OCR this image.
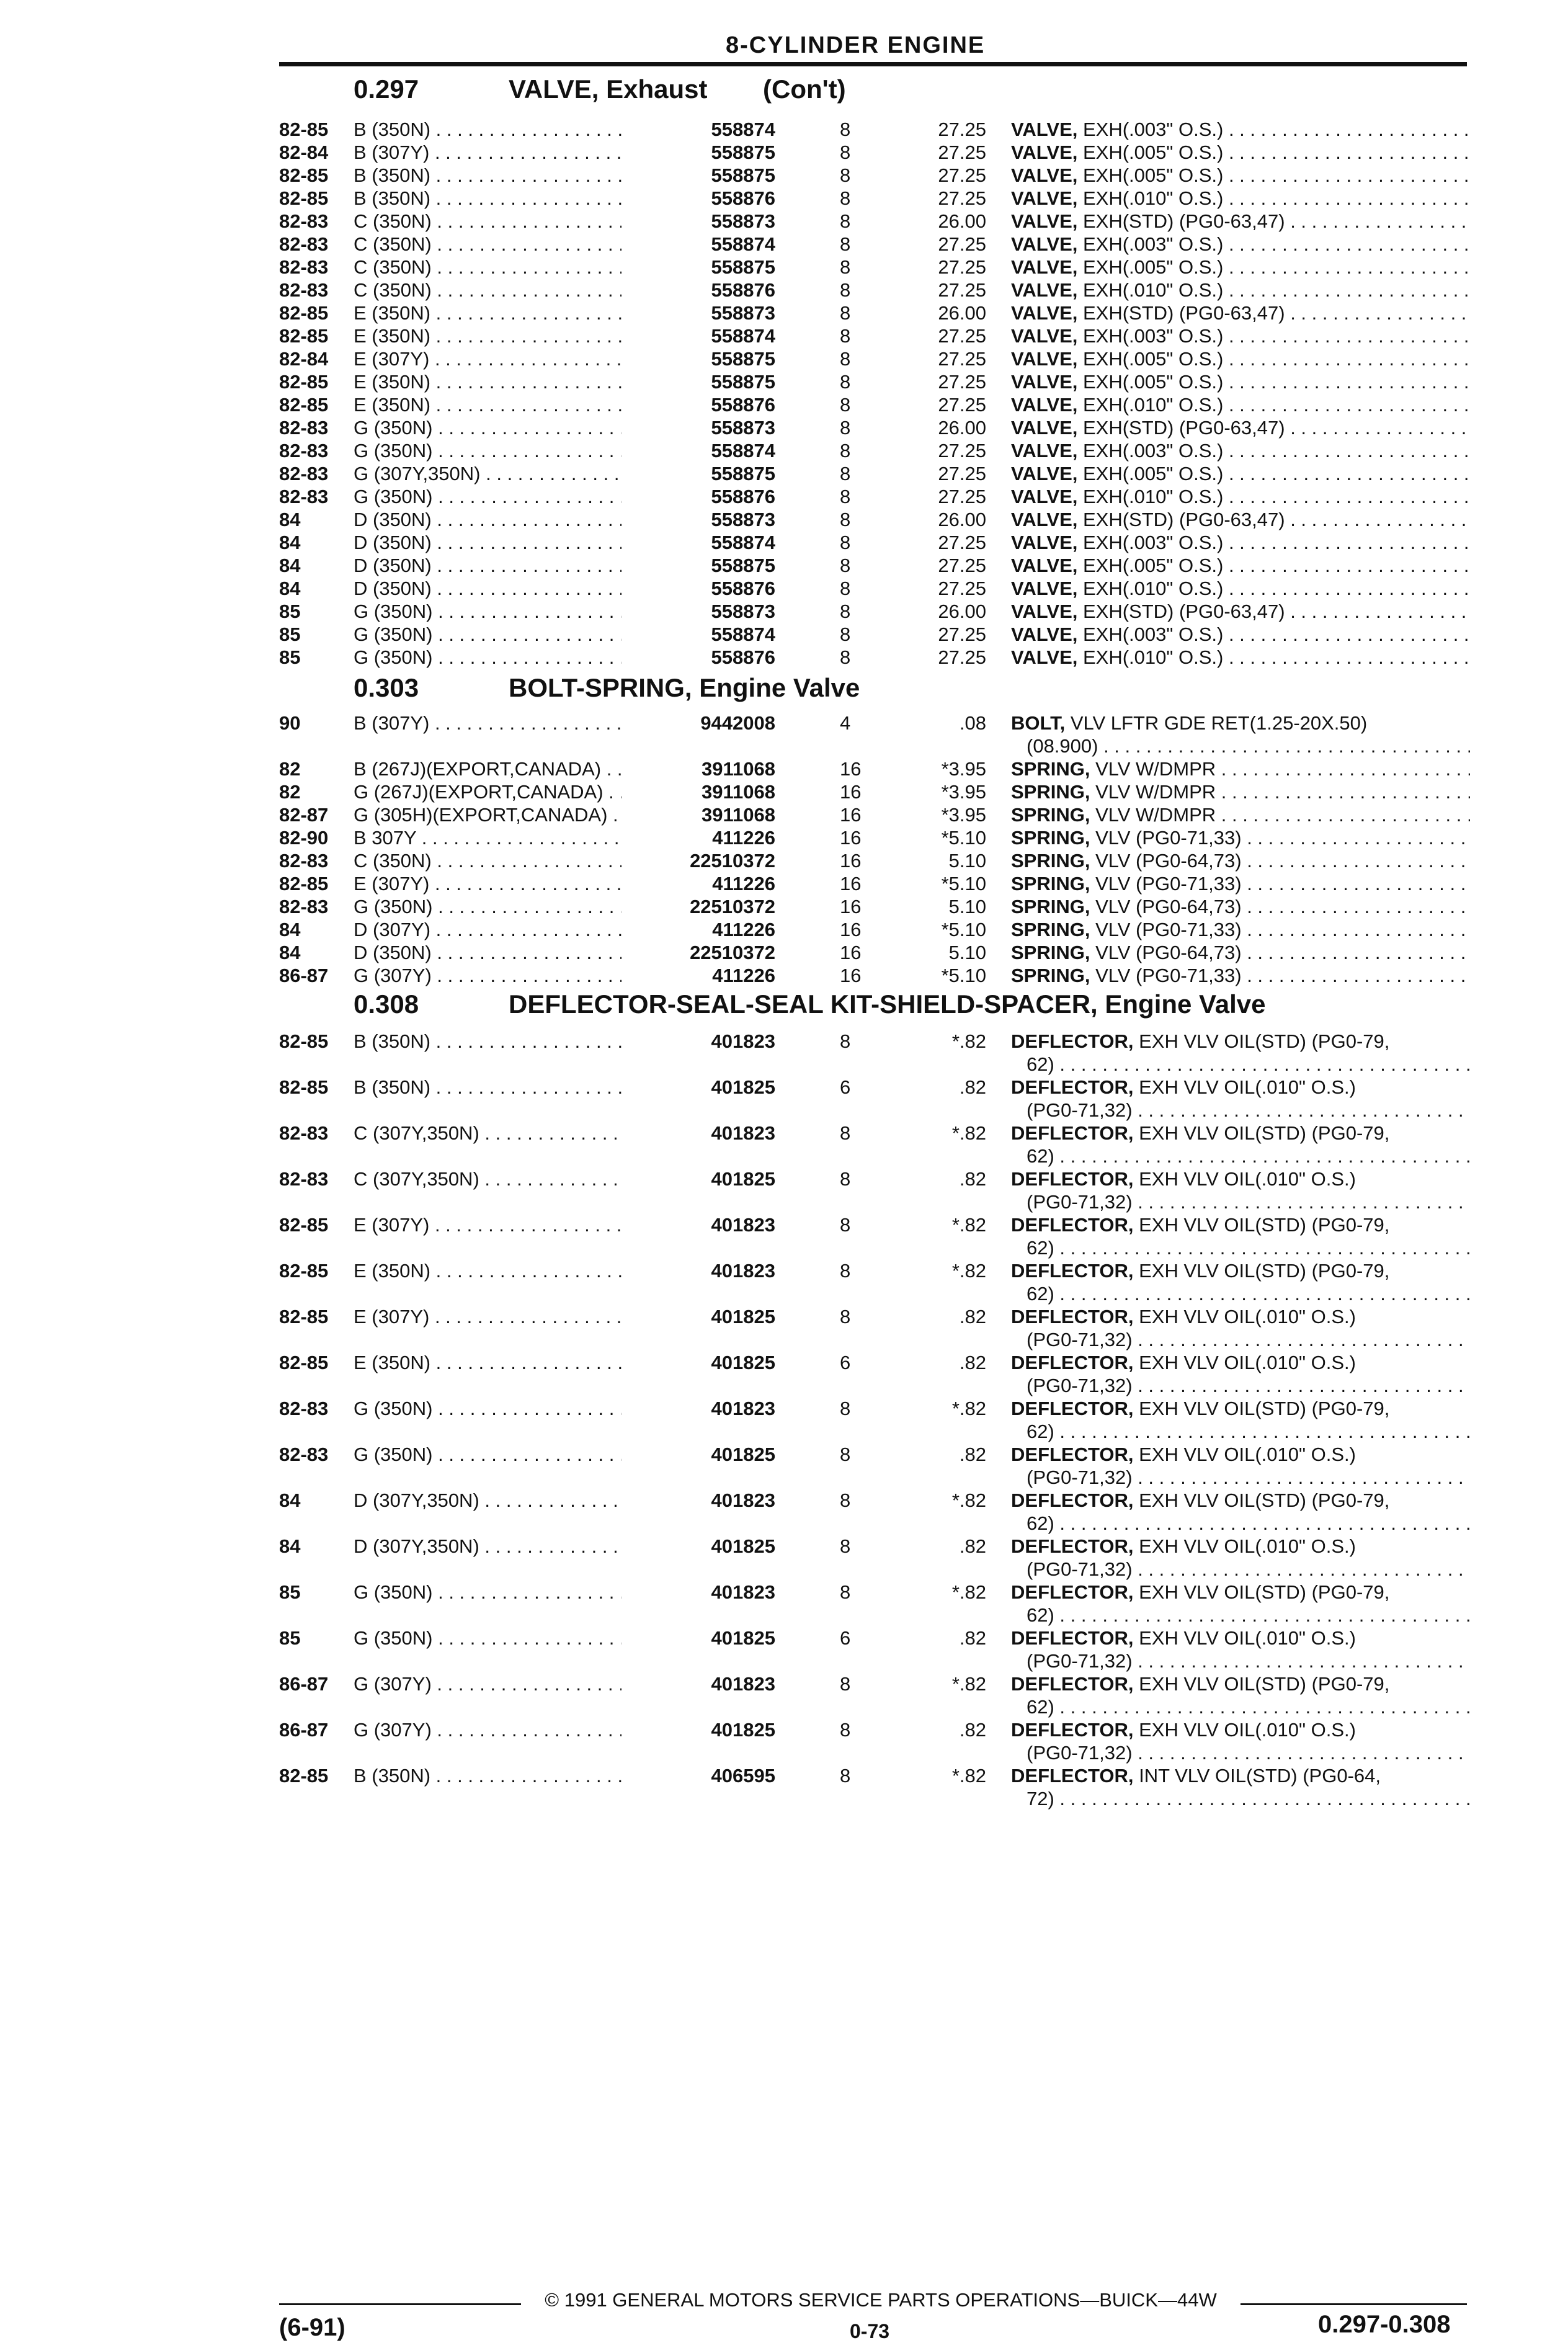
8-CYLINDER ENGINE
0.297	VALVE, Exhaust (Con't)
82-85	B (350N) . . .	558874	8	27.25 VALVE, EXH(.003" O.S.) . . .
82-84	B (307Y) . . .	558875	8	27.25 VALVE, EXH(.005" O.S.) . . .
82-85	B (350N) . . .	558875	8	27.25 VALVE, EXH(.005" O.S.) . . .
82-85	B (350N) . . .	558876	8	27.25 VALVE, EXH(.010" O.S.) . . .
82-83	C (350N) . . .	558873	8	26.00 VALVE, EXH(STD) (PG0-63,47) . . .
82-83	C (350N) . . .	558874	8	27.25 VALVE, EXH(.003" O.S.) . . .
82-83	C (350N) . . .	558875	8	27.25 VALVE, EXH(.005" O.S.) . . .
82-83	C (350N) . . .	558876	8	27.25 VALVE, EXH(.010" O.S.) . . .
82-85	E (350N) . . .	558873	8	26.00 VALVE, EXH(STD) (PG0-63,47) . . .
82-85	E (350N) . . .	558874	8	27.25 VALVE, EXH(.003" O.S.) . . .
82-84	E (307Y) . . .	558875	8	27.25 VALVE, EXH(.005" O.S.) . . .
82-85	E (350N) . . .	558875	8	27.25 VALVE, EXH(.005" O.S.) . . .
82-85	E (350N) . . .	558876	8	27.25 VALVE, EXH(.010" O.S.) . . .
82-83	G (350N) . . .	558873	8	26.00 VALVE, EXH(STD) (PG0-63,47) . . .
82-83	G (350N) . . .	558874	8	27.25 VALVE, EXH(.003" O.S.) . . .
82-83	G (307Y,350N) . . .	558875	8	27.25 VALVE, EXH(.005" O.S.) . . .
82-83	G (350N) . . .	558876	8	27.25 VALVE, EXH(.010" O.S.) . . .
84	D (350N) . . .	558873	8	26.00 VALVE, EXH(STD) (PG0-63,47) . . .
84	D (350N) . . .	558874	8	27.25 VALVE, EXH(.003" O.S.) . . .
84	D (350N) . . .	558875	8	27.25 VALVE, EXH(.005" O.S.) . . .
84	D (350N) . . .	558876	8	27.25 VALVE, EXH(.010" O.S.) . . .
85	G (350N) . . .	558873	8	26.00 VALVE, EXH(STD) (PG0-63,47) . . .
85	G (350N) . . .	558874	8	27.25 VALVE, EXH(.003" O.S.) . . .
85	G (350N) . . .	558876	8	27.25 VALVE, EXH(.010" O.S.) . . .
0.303	BOLT-SPRING, Engine Valve
90	B (307Y) . . .	9442008	4	.08 BOLT, VLV LFTR GDE RET(1.25-20X.50)
(08.900) . . .
82	B (267J)(EXPORT,CANADA) . . .	3911068	16	*3.95 SPRING, VLV W/DMPR . . .
82	G (267J)(EXPORT,CANADA) . . .	3911068	16	*3.95 SPRING, VLV W/DMPR . . .
82-87	G (305H)(EXPORT,CANADA) . . .	3911068	16	*3.95 SPRING, VLV W/DMPR . . .
82-90	B 307Y . . .	411226	16	*5.10 SPRING, VLV (PG0-71,33) . . .
82-83	C (350N) . . .	22510372	16	5.10 SPRING, VLV (PG0-64,73) . . .
82-85	E (307Y) . . .	411226	16	*5.10 SPRING, VLV (PG0-71,33) . . .
82-83	G (350N) . . .	22510372	16	5.10 SPRING, VLV (PG0-64,73) . . .
84	D (307Y) . . .	411226	16	*5.10 SPRING, VLV (PG0-71,33) . . .
84	D (350N) . . .	22510372	16	5.10 SPRING, VLV (PG0-64,73) . . .
86-87	G (307Y) . . .	411226	16	*5.10 SPRING, VLV (PG0-71,33) . . .
0.308	DEFLECTOR-SEAL-SEAL KIT-SHIELD-SPACER, Engine Valve
82-85	B (350N) . . .	401823	8	*.82 DEFLECTOR, EXH VLV OIL(STD) (PG0-79,
62) . . .
82-85	B (350N) . . .	401825	6	.82 DEFLECTOR, EXH VLV OIL(.010" O.S.)
(PG0-71,32) . . .
82-83	C (307Y,350N) . . .	401823	8	*.82 DEFLECTOR, EXH VLV OIL(STD) (PG0-79,
62) . . .
82-83	C (307Y,350N) . . .	401825	8	.82 DEFLECTOR, EXH VLV OIL(.010" O.S.)
(PG0-71,32) . . .
82-85	E (307Y) . . .	401823	8	*.82 DEFLECTOR, EXH VLV OIL(STD) (PG0-79,
62) . . .
82-85	E (350N) . . .	401823	8	*.82 DEFLECTOR, EXH VLV OIL(STD) (PG0-79,
62) . . .
82-85	E (307Y) . . .	401825	8	.82 DEFLECTOR, EXH VLV OIL(.010" O.S.)
(PG0-71,32) . . .
82-85	E (350N) . . .	401825	6	.82 DEFLECTOR, EXH VLV OIL(.010" O.S.)
(PG0-71,32) . . .
82-83	G (350N) . . .	401823	8	*.82 DEFLECTOR, EXH VLV OIL(STD) (PG0-79,
62) . . .
82-83	G (350N) . . .	401825	8	.82 DEFLECTOR, EXH VLV OIL(.010" O.S.)
(PG0-71,32) . . .
84	D (307Y,350N) . . .	401823	8	*.82 DEFLECTOR, EXH VLV OIL(STD) (PG0-79,
62) . . .
84	D (307Y,350N) . . .	401825	8	.82 DEFLECTOR, EXH VLV OIL(.010" O.S.)
(PG0-71,32) . . .
85	G (350N) . . .	401823	8	*.82 DEFLECTOR, EXH VLV OIL(STD) (PG0-79,
62) . . .
85	G (350N) . . .	401825	6	.82 DEFLECTOR, EXH VLV OIL(.010" O.S.)
(PG0-71,32) . . .
86-87	G (307Y) . . .	401823	8	*.82 DEFLECTOR, EXH VLV OIL(STD) (PG0-79,
62) . . .
86-87	G (307Y) . . .	401825	8	.82 DEFLECTOR, EXH VLV OIL(.010" O.S.)
(PG0-71,32) . . .
82-85	B (350N) . . .	406595	8	*.82 DEFLECTOR, INT VLV OIL(STD) (PG0-64,
72) . . .
© 1991 GENERAL MOTORS SERVICE PARTS OPERATIONS—BUICK—44W
(6-91)	0-73	0.297-0.308
